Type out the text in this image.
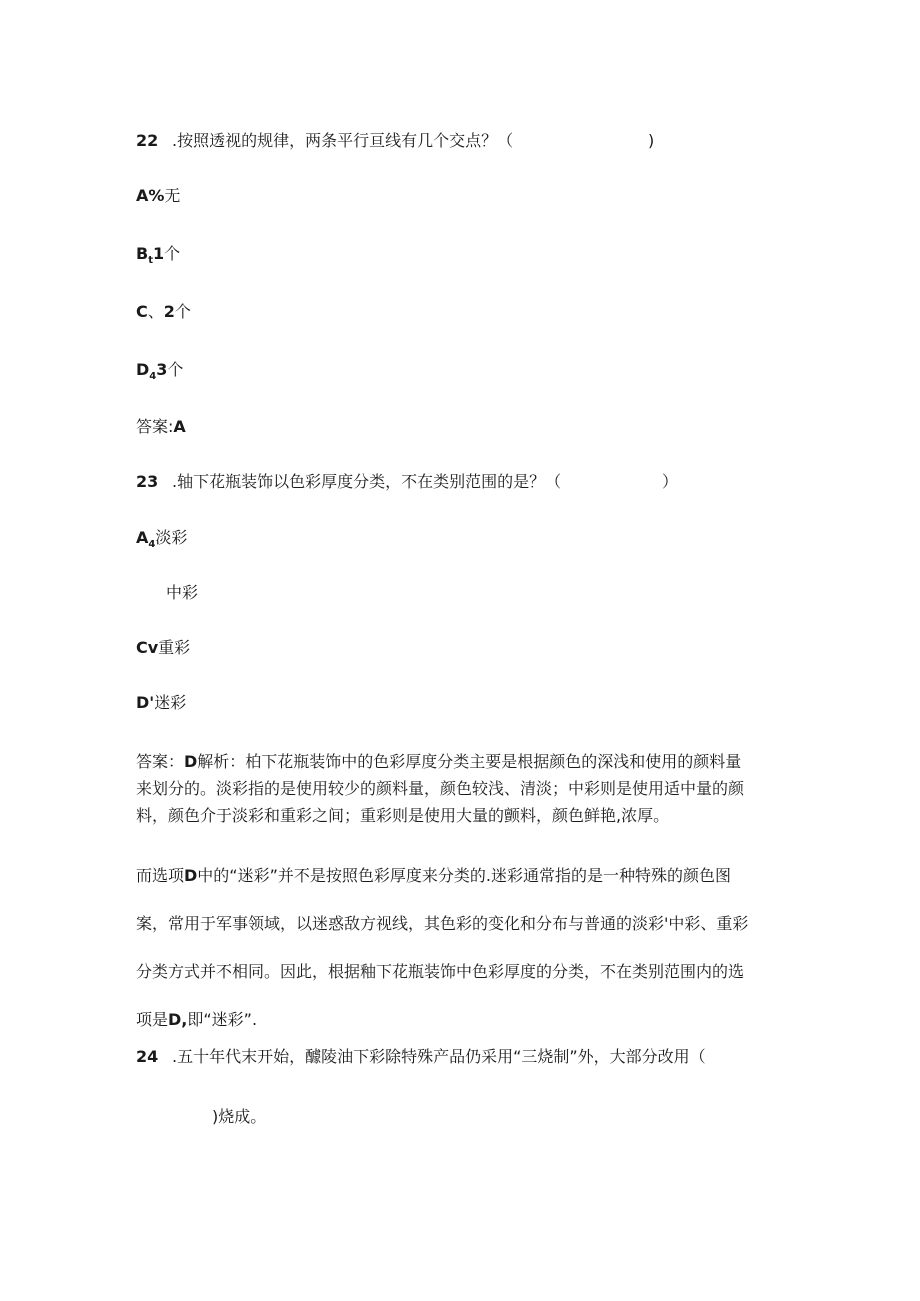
22 .按照透视的规律，两条平行亘线有几个交点？（	)
A%无
$B_t1$个
C、2个
$D_43$个
答案:A
23 .轴下花瓶装饰以色彩厚度分类，不在类别范围的是？（	）
$A_4$淡彩
中彩
Cv重彩
D'迷彩
答案：D解析：柏下花瓶装饰中的色彩厚度分类主要是根据颜色的深浅和使用的颜料量
来划分的。淡彩指的是使用较少的颜料量，颜色较浅、清淡；中彩则是使用适中量的颜
料，颜色介于淡彩和重彩之间；重彩则是使用大量的颤料，颜色鲜艳,浓厚。
而选项D中的“迷彩”并不是按照色彩厚度来分类的.迷彩通常指的是一种特殊的颜色图
案，常用于军事领域，以迷惑敌方视线，其色彩的变化和分布与普通的淡彩'中彩、重彩
分类方式并不相同。因此，根据釉下花瓶装饰中色彩厚度的分类，不在类别范围内的选
项是D,即“迷彩”.
24 .五十年代末开始，醵陵油下彩除特殊产品仍采用“三烧制”外，大部分改用（
)烧成。
